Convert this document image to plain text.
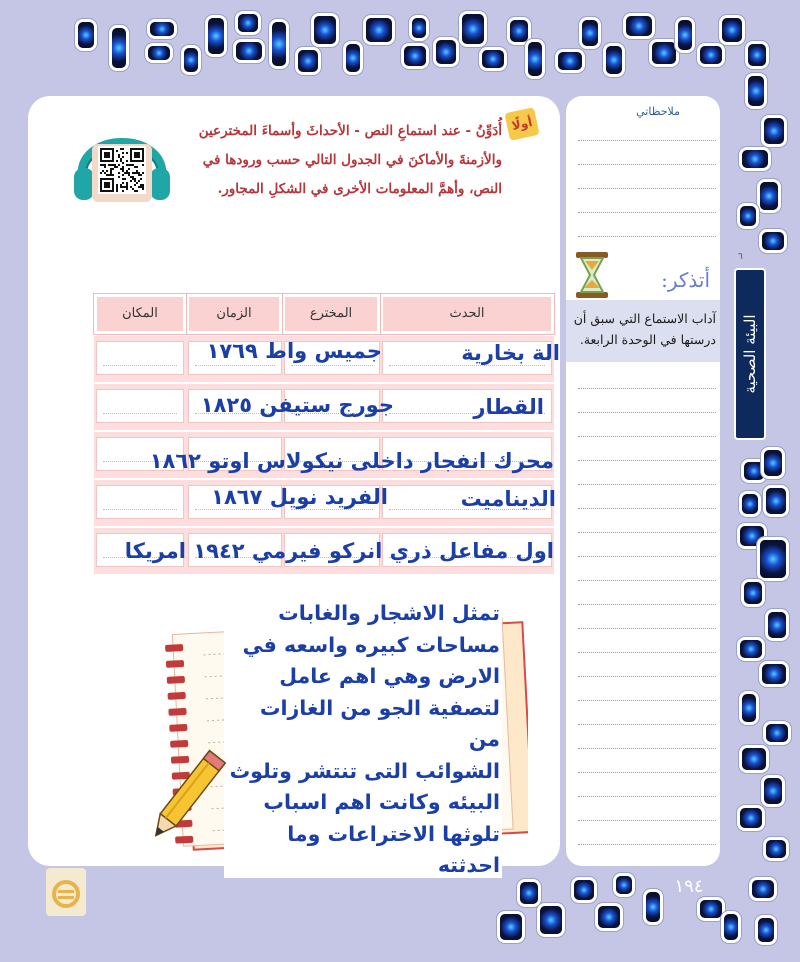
ملاحظاتي
أتذكر:
آداب الاستماع التي سبق أن
درستها في الوحدة الرابعة.
٦
البيئة الصحية
أولًا
أُدَوِّنُ - عند استماعِ النص - الأحداثَ وأسماءَ المخترعين
والأزمنةَ والأماكنَ في الجدول التالي حسب ورودها في
النص، وأهمَّ المعلومات الأخرى في الشكلِ المجاور.
الحدث
المخترع
الزمان
المكان
الة بخارية
جميس واط ١٧٦٩
القطار
جورج ستيفن ١٨٢٥
محرك انفجار داخلى نيكولاس اوتو ١٨٦٢
الديناميت
الفريد نويل ١٨٦٧
اول مفاعل ذري انركو فيرمي ١٩٤٢ امريكا
تمثل الاشجار والغابات
مساحات كبيره واسعه في
الارض وهي اهم عامل
لتصفية الجو من الغازات من
الشوائب التى تنتشر وتلوث
البيئه وكانت اهم اسباب
تلوثها الاختراعات وما
احدثته
١٩٤
